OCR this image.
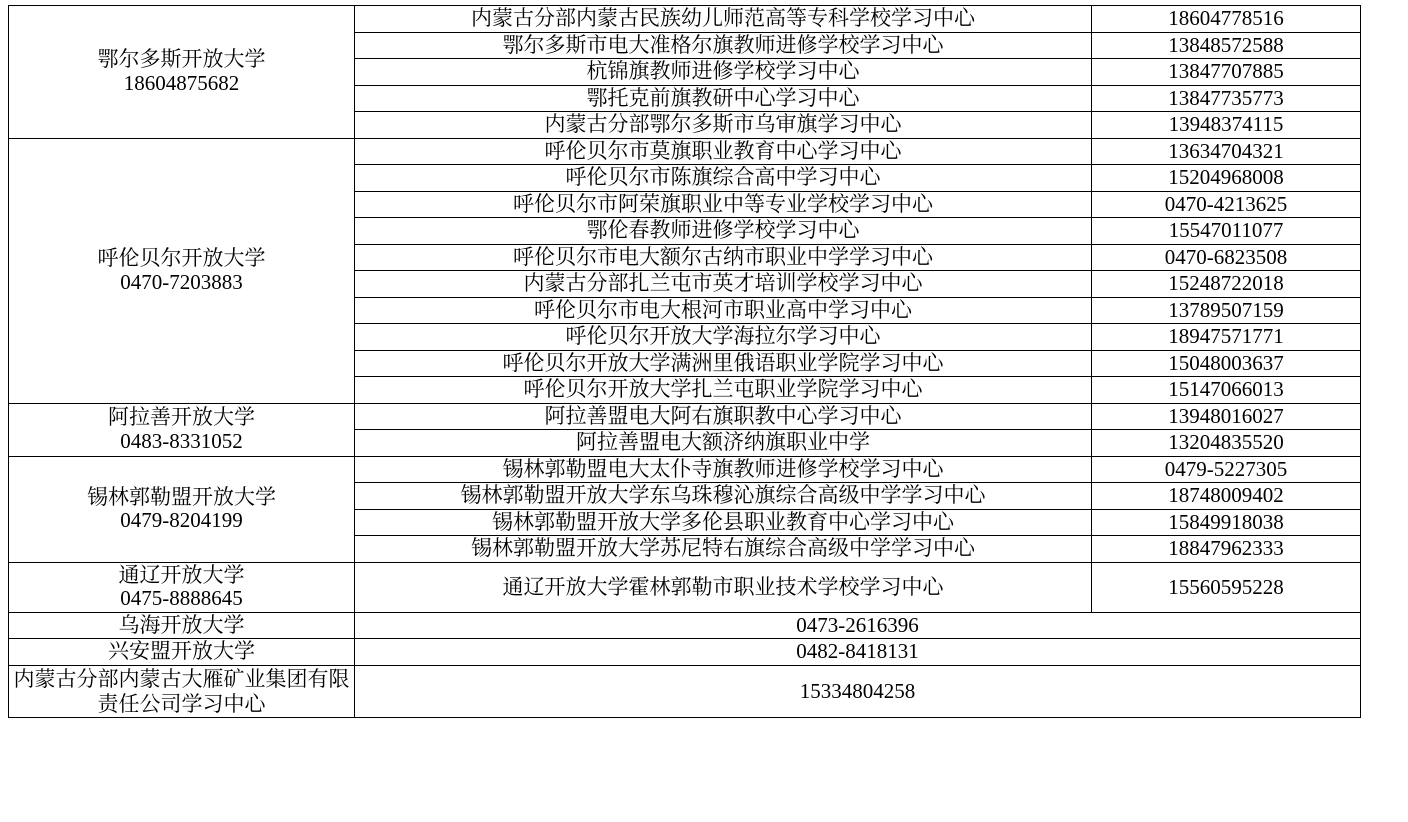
鄂尔多斯开放大学
18604875682	内蒙古分部内蒙古民族幼儿师范高等专科学校学习中心	18604778516
	鄂尔多斯市电大准格尔旗教师进修学校学习中心	13848572588
	杭锦旗教师进修学校学习中心	13847707885
	鄂托克前旗教研中心学习中心	13847735773
	内蒙古分部鄂尔多斯市乌审旗学习中心	13948374115

呼伦贝尔开放大学
0470-7203883	呼伦贝尔市莫旗职业教育中心学习中心	13634704321
	呼伦贝尔市陈旗综合高中学习中心	15204968008
	呼伦贝尔市阿荣旗职业中等专业学校学习中心	0470-4213625
	鄂伦春教师进修学校学习中心	15547011077
	呼伦贝尔市电大额尔古纳市职业中学学习中心	0470-6823508
	内蒙古分部扎兰屯市英才培训学校学习中心	15248722018
	呼伦贝尔市电大根河市职业高中学习中心	13789507159
	呼伦贝尔开放大学海拉尔学习中心	18947571771
	呼伦贝尔开放大学满洲里俄语职业学院学习中心	15048003637
	呼伦贝尔开放大学扎兰屯职业学院学习中心	15147066013

阿拉善开放大学
0483-8331052	阿拉善盟电大阿右旗职教中心学习中心	13948016027
	阿拉善盟电大额济纳旗职业中学	13204835520

锡林郭勒盟开放大学
0479-8204199	锡林郭勒盟电大太仆寺旗教师进修学校学习中心	0479-5227305
	锡林郭勒盟开放大学东乌珠穆沁旗综合高级中学学习中心	18748009402
	锡林郭勒盟开放大学多伦县职业教育中心学习中心	15849918038
	锡林郭勒盟开放大学苏尼特右旗综合高级中学学习中心	18847962333

通辽开放大学
0475-8888645	通辽开放大学霍林郭勒市职业技术学校学习中心	15560595228

乌海开放大学	0473-2616396	

兴安盟开放大学	0482-8418131	

内蒙古分部内蒙古大雁矿业集团有限责任公司学习中心	15334804258	
